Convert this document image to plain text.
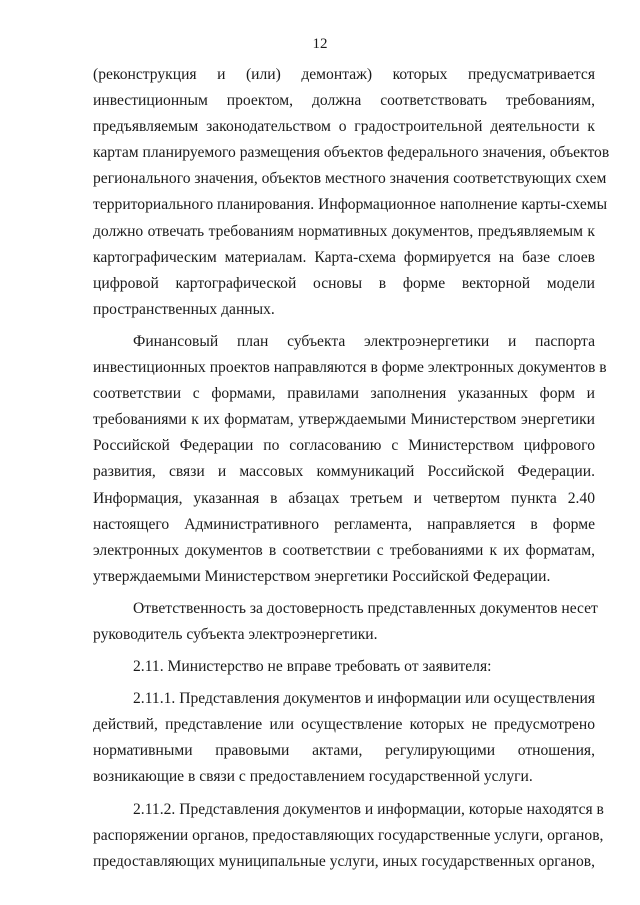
12
(реконструкция и (или) демонтаж) которых предусматривается
инвестиционным проектом, должна соответствовать требованиям,
предъявляемым законодательством о градостроительной деятельности к
картам планируемого размещения объектов федерального значения, объектов
регионального значения, объектов местного значения соответствующих схем
территориального планирования. Информационное наполнение карты-схемы
должно отвечать требованиям нормативных документов, предъявляемым к
картографическим материалам. Карта-схема формируется на базе слоев
цифровой картографической основы в форме векторной модели
пространственных данных.
Финансовый план субъекта электроэнергетики и паспорта
инвестиционных проектов направляются в форме электронных документов в
соответствии с формами, правилами заполнения указанных форм и
требованиями к их форматам, утверждаемыми Министерством энергетики
Российской Федерации по согласованию с Министерством цифрового
развития, связи и массовых коммуникаций Российской Федерации.
Информация, указанная в абзацах третьем и четвертом пункта 2.40
настоящего Административного регламента, направляется в форме
электронных документов в соответствии с требованиями к их форматам,
утверждаемыми Министерством энергетики Российской Федерации.
Ответственность за достоверность представленных документов несет
руководитель субъекта электроэнергетики.
2.11. Министерство не вправе требовать от заявителя:
2.11.1. Представления документов и информации или осуществления
действий, представление или осуществление которых не предусмотрено
нормативными правовыми актами, регулирующими отношения,
возникающие в связи с предоставлением государственной услуги.
2.11.2. Представления документов и информации, которые находятся в
распоряжении органов, предоставляющих государственные услуги, органов,
предоставляющих муниципальные услуги, иных государственных органов,
